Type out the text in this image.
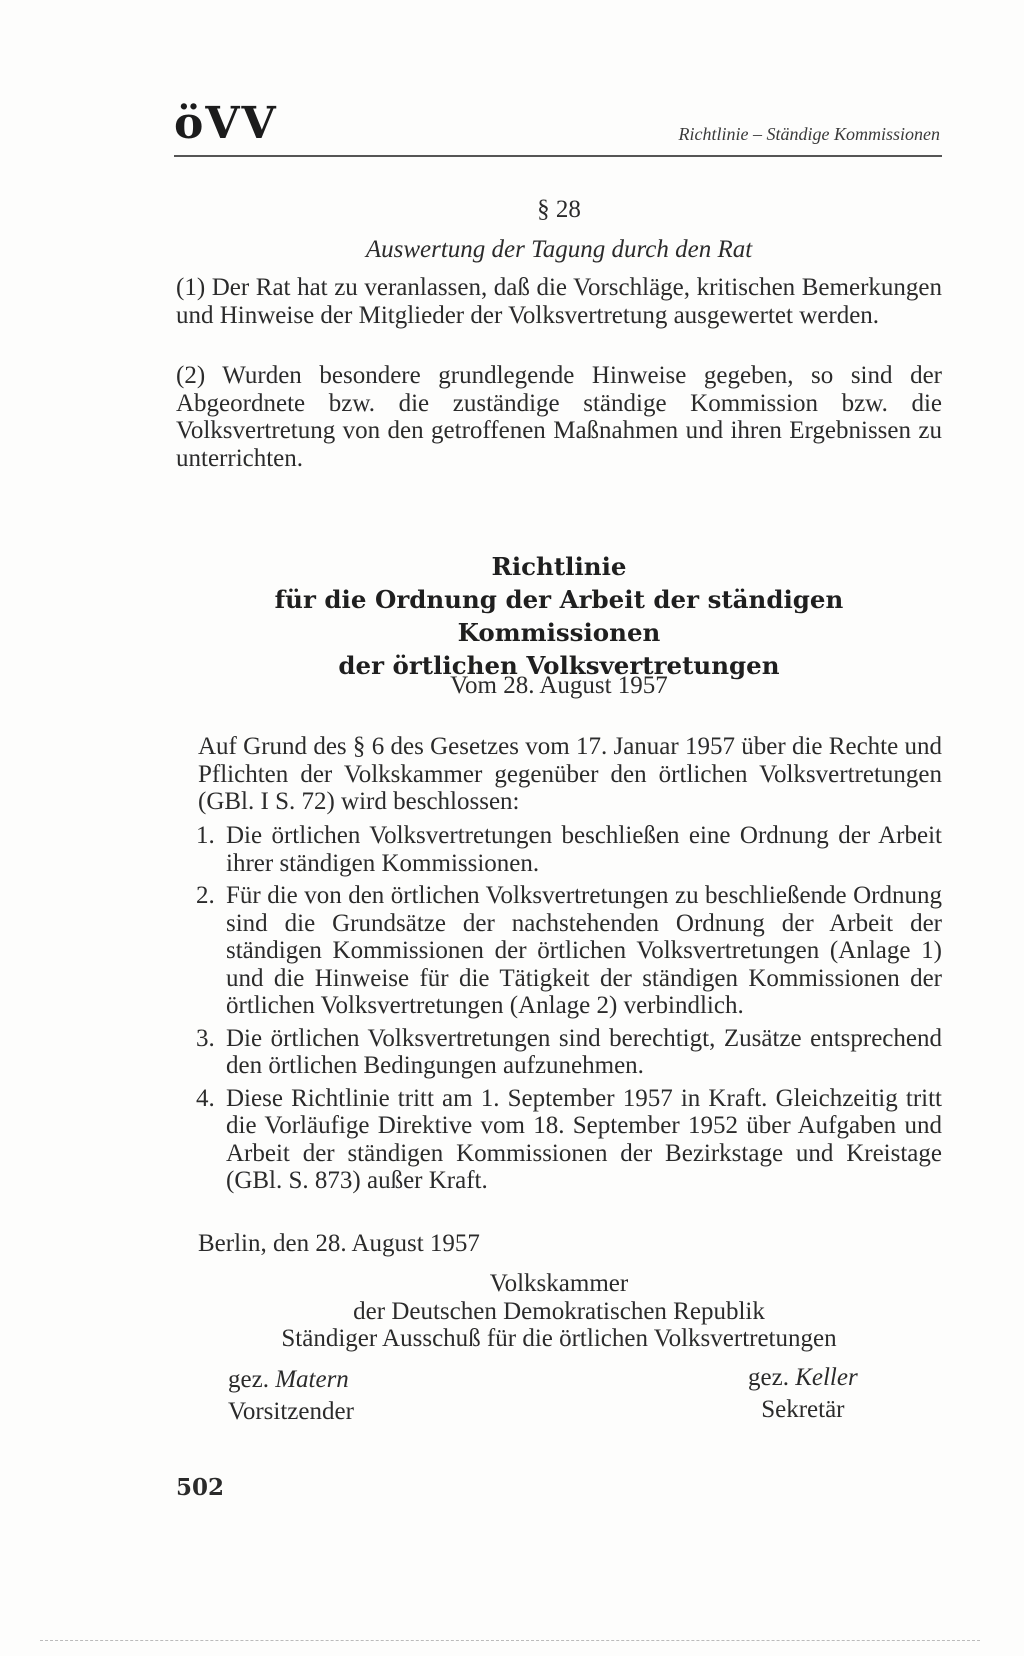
öVV	Richtlinie – Ständige Kommissionen
§ 28
Auswertung der Tagung durch den Rat
(1) Der Rat hat zu veranlassen, daß die Vorschläge, kritischen Bemerkungen und Hinweise der Mitglieder der Volksvertretung ausgewertet werden.
(2) Wurden besondere grundlegende Hinweise gegeben, so sind der Abgeordnete bzw. die zuständige ständige Kommission bzw. die Volksvertretung von den getroffenen Maßnahmen und ihren Ergebnissen zu unterrichten.
Richtlinie
für die Ordnung der Arbeit der ständigen Kommissionen
der örtlichen Volksvertretungen
Vom 28. August 1957
Auf Grund des § 6 des Gesetzes vom 17. Januar 1957 über die Rechte und Pflichten der Volkskammer gegenüber den örtlichen Volksvertretungen (GBl. I S. 72) wird beschlossen:
1. Die örtlichen Volksvertretungen beschließen eine Ordnung der Arbeit ihrer ständigen Kommissionen.
2. Für die von den örtlichen Volksvertretungen zu beschließende Ordnung sind die Grundsätze der nachstehenden Ordnung der Arbeit der ständigen Kommissionen der örtlichen Volksvertretungen (Anlage 1) und die Hinweise für die Tätigkeit der ständigen Kommissionen der örtlichen Volksvertretungen (Anlage 2) verbindlich.
3. Die örtlichen Volksvertretungen sind berechtigt, Zusätze entsprechend den örtlichen Bedingungen aufzunehmen.
4. Diese Richtlinie tritt am 1. September 1957 in Kraft. Gleichzeitig tritt die Vorläufige Direktive vom 18. September 1952 über Aufgaben und Arbeit der ständigen Kommissionen der Bezirkstage und Kreistage (GBl. S. 873) außer Kraft.
Berlin, den 28. August 1957
Volkskammer
der Deutschen Demokratischen Republik
Ständiger Ausschuß für die örtlichen Volksvertretungen
gez. Matern
Vorsitzender
gez. Keller
Sekretär
502
